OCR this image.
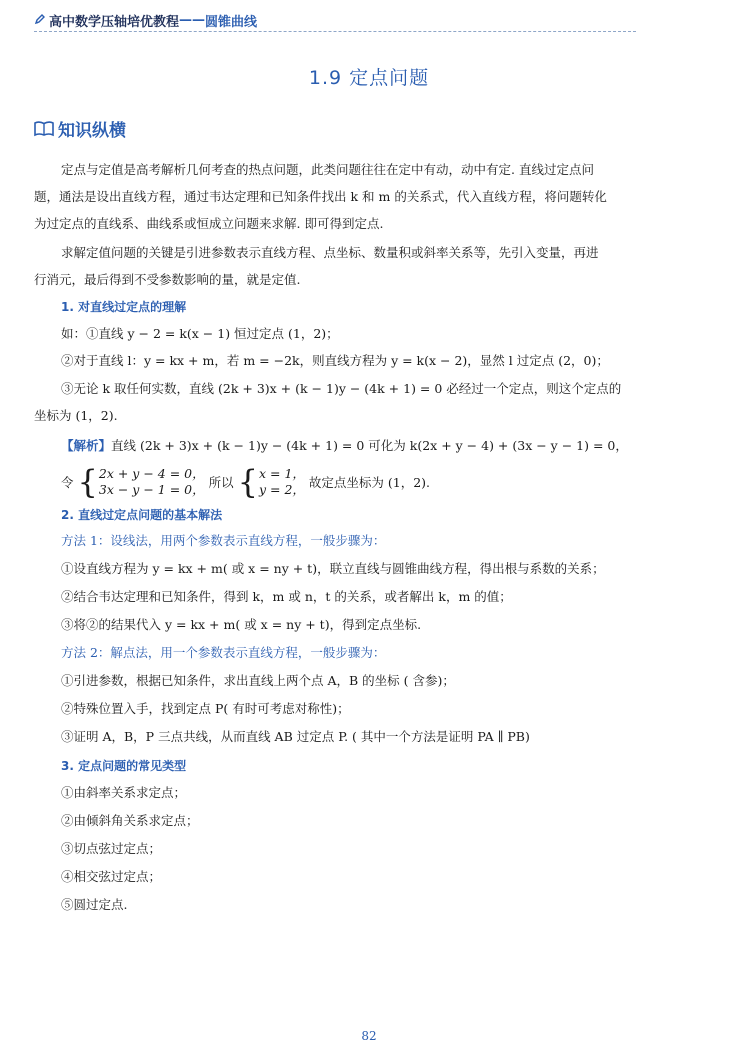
高中数学压轴培优教程 —— 圆锥曲线
1.9 定点问题
知识纵横
定点与定值是高考解析几何考查的热点问题，此类问题往往在定中有动，动中有定. 直线过定点问
题，通法是设出直线方程，通过韦达定理和已知条件找出 k 和 m 的关系式，代入直线方程，将问题转化
为过定点的直线系、曲线系或恒成立问题来求解. 即可得到定点.
求解定值问题的关键是引进参数表示直线方程、点坐标、数量积或斜率关系等，先引入变量，再进
行消元，最后得到不受参数影响的量，就是定值.
1. 对直线过定点的理解
如：①直线 y − 2 = k(x − 1) 恒过定点 (1，2)；
②对于直线 l：y = kx + m，若 m = −2k，则直线方程为 y = k(x − 2)，显然 l 过定点 (2，0)；
③无论 k 取任何实数，直线 (2k + 3)x + (k − 1)y − (4k + 1) = 0 必经过一个定点，则这个定点的
坐标为 (1，2).
【解析】直线 (2k + 3)x + (k − 1)y − (4k + 1) = 0 可化为 k(2x + y − 4) + (3x − y − 1) = 0，
令 { 2x + y − 4 = 0，
3x − y − 1 = 0， 所以 { x = 1，
y = 2， 故定点坐标为 (1，2).
2. 直线过定点问题的基本解法
方法 1：设线法，用两个参数表示直线方程，一般步骤为：
①设直线方程为 y = kx + m( 或 x = ny + t)，联立直线与圆锥曲线方程，得出根与系数的关系；
②结合韦达定理和已知条件，得到 k，m 或 n，t 的关系，或者解出 k，m 的值；
③将②的结果代入 y = kx + m( 或 x = ny + t)，得到定点坐标.
方法 2：解点法，用一个参数表示直线方程，一般步骤为：
①引进参数，根据已知条件，求出直线上两个点 A，B 的坐标 ( 含参)；
②特殊位置入手，找到定点 P( 有时可考虑对称性)；
③证明 A，B，P 三点共线，从而直线 AB 过定点 P. ( 其中一个方法是证明 PA ∥ PB)
3. 定点问题的常见类型
①由斜率关系求定点；
②由倾斜角关系求定点；
③切点弦过定点；
④相交弦过定点；
⑤圆过定点.
82
